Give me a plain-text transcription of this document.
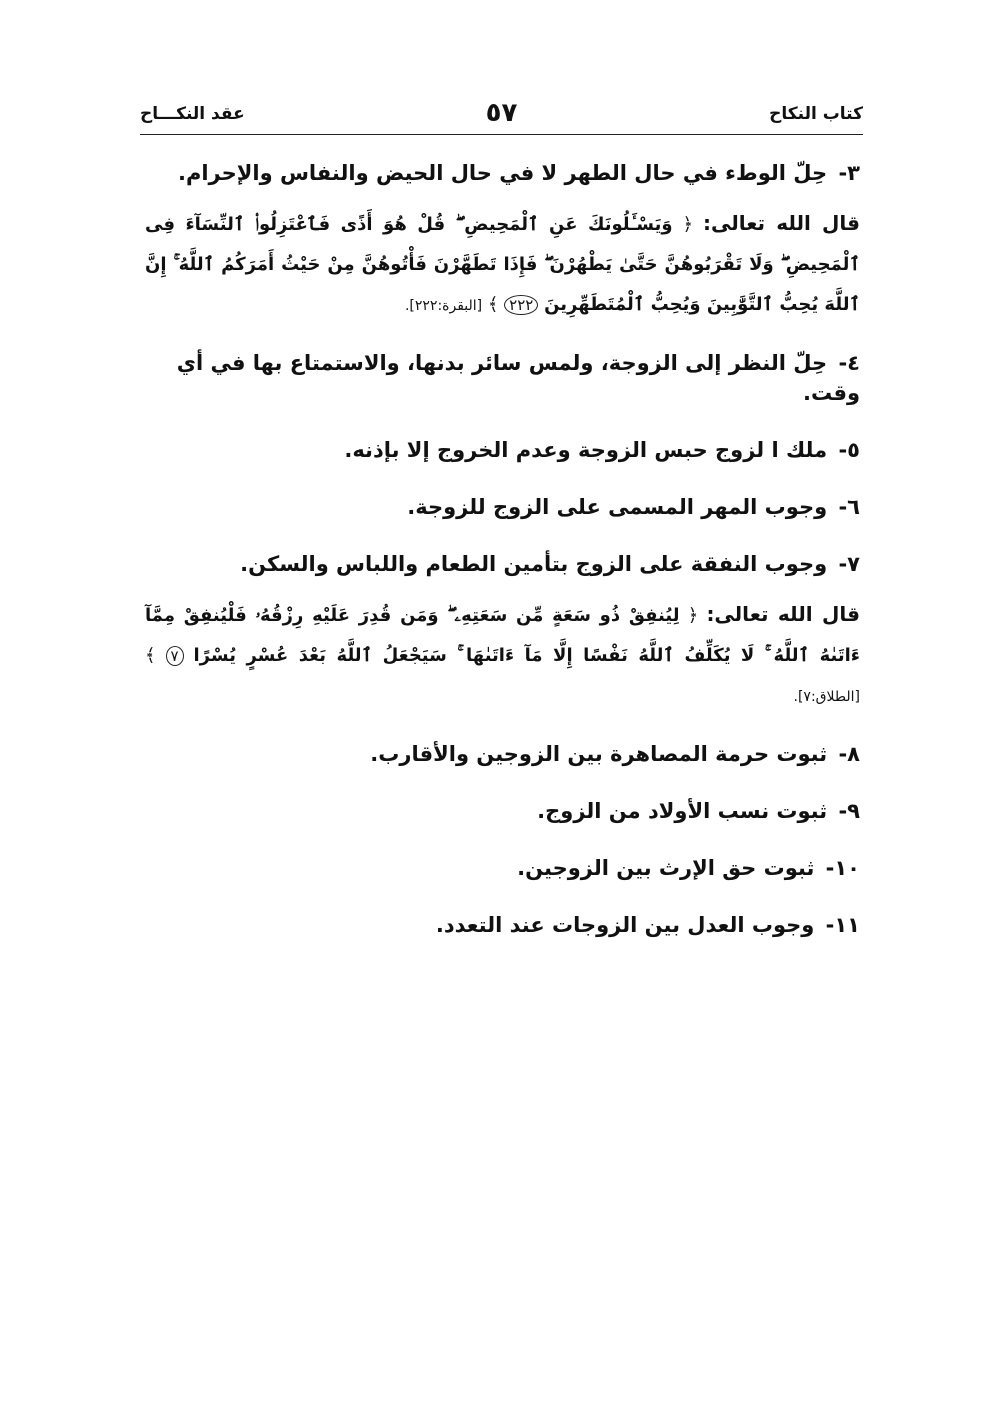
كتاب النكاح
٥٧
عقد النكـــاح
٣- حِلّ الوطء في حال الطهر لا في حال الحيض والنفاس والإحرام.
قال الله تعالى: ﴿ وَيَسْـَٔلُونَكَ عَنِ ٱلْمَحِيضِ ۖ قُلْ هُوَ أَذًى فَٱعْتَزِلُوا۟ ٱلنِّسَآءَ فِى ٱلْمَحِيضِ ۖ وَلَا تَقْرَبُوهُنَّ حَتَّىٰ يَطْهُرْنَ ۖ فَإِذَا تَطَهَّرْنَ فَأْتُوهُنَّ مِنْ حَيْثُ أَمَرَكُمُ ٱللَّهُ ۚ إِنَّ ٱللَّهَ يُحِبُّ ٱلتَّوَّٰبِينَ وَيُحِبُّ ٱلْمُتَطَهِّرِينَ ٢٢٢ ﴾ [البقرة:٢٢٢].
٤- حِلّ النظر إلى الزوجة، ولمس سائر بدنها، والاستمتاع بها في أي وقت.
٥- ملك ا لزوج حبس الزوجة وعدم الخروج إلا بإذنه.
٦- وجوب المهر المسمى على الزوج للزوجة.
٧- وجوب النفقة على الزوج بتأمين الطعام واللباس والسكن.
قال الله تعالى: ﴿ لِيُنفِقْ ذُو سَعَةٍ مِّن سَعَتِهِۦ ۖ وَمَن قُدِرَ عَلَيْهِ رِزْقُهُۥ فَلْيُنفِقْ مِمَّآ ءَاتَىٰهُ ٱللَّهُ ۚ لَا يُكَلِّفُ ٱللَّهُ نَفْسًا إِلَّا مَآ ءَاتَىٰهَا ۚ سَيَجْعَلُ ٱللَّهُ بَعْدَ عُسْرٍ يُسْرًا ٧ ﴾ [الطلاق:٧].
٨- ثبوت حرمة المصاهرة بين الزوجين والأقارب.
٩- ثبوت نسب الأولاد من الزوج.
١٠- ثبوت حق الإرث بين الزوجين.
١١- وجوب العدل بين الزوجات عند التعدد.
